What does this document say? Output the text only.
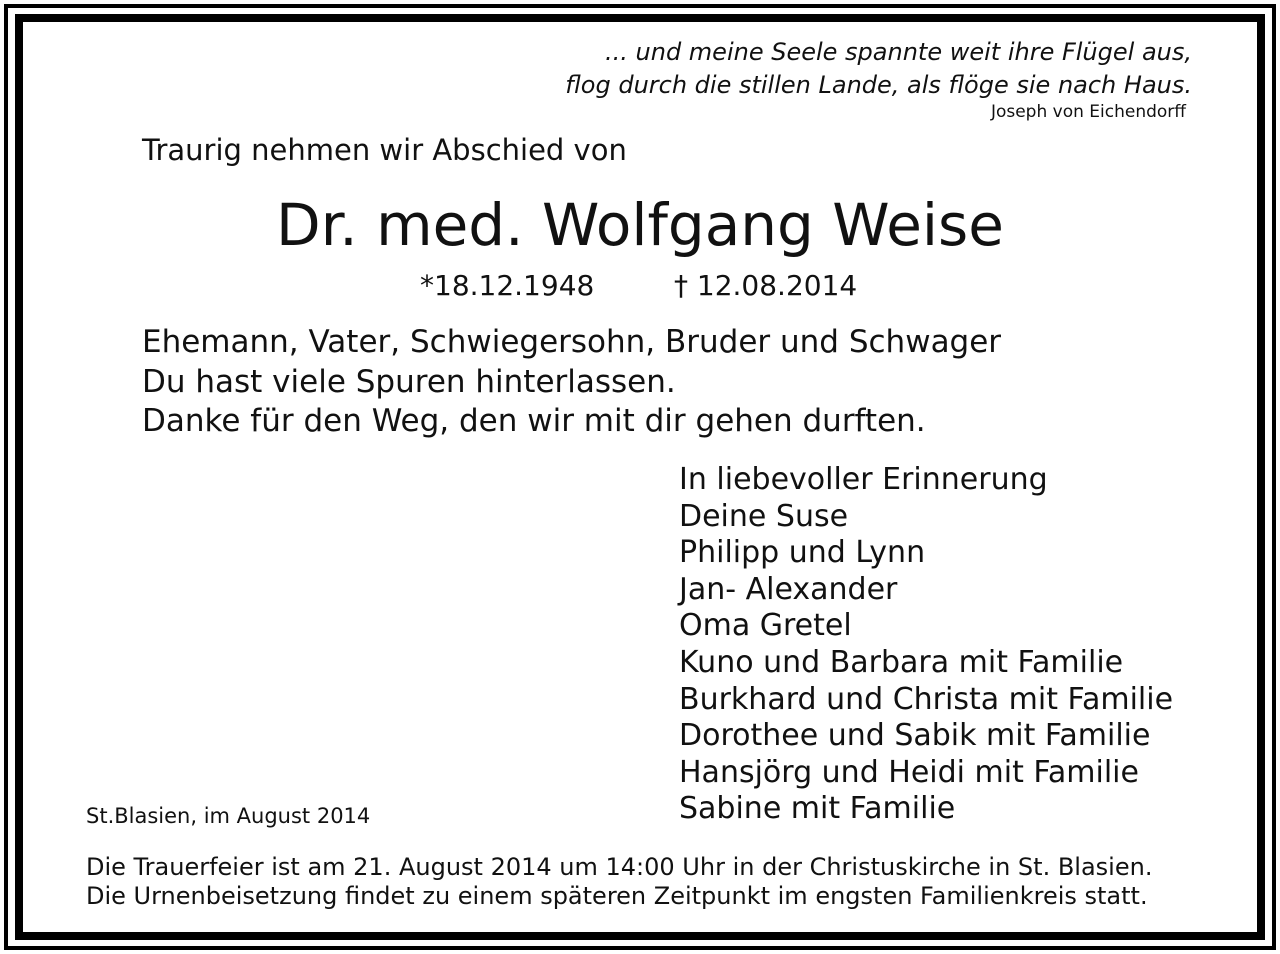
... und meine Seele spannte weit ihre Flügel aus,

flog durch die stillen Lande, als flöge sie nach Haus.

Joseph von Eichendorff

Traurig nehmen wir Abschied von

Dr. med. Wolfgang Weise

*18.12.1948	† 12.08.2014

Ehemann, Vater, Schwiegersohn, Bruder und Schwager

Du hast viele Spuren hinterlassen.

Danke für den Weg, den wir mit dir gehen durften.

In liebevoller Erinnerung
Deine Suse
Philipp und Lynn
Jan- Alexander
Oma Gretel
Kuno und Barbara mit Familie
Burkhard und Christa mit Familie
Dorothee und Sabik mit Familie
Hansjörg und Heidi mit Familie
Sabine mit Familie

St.Blasien, im August 2014

Die Trauerfeier ist am 21. August 2014 um 14:00 Uhr in der Christuskirche in St. Blasien.

Die Urnenbeisetzung findet zu einem späteren Zeitpunkt im engsten Familienkreis statt.
